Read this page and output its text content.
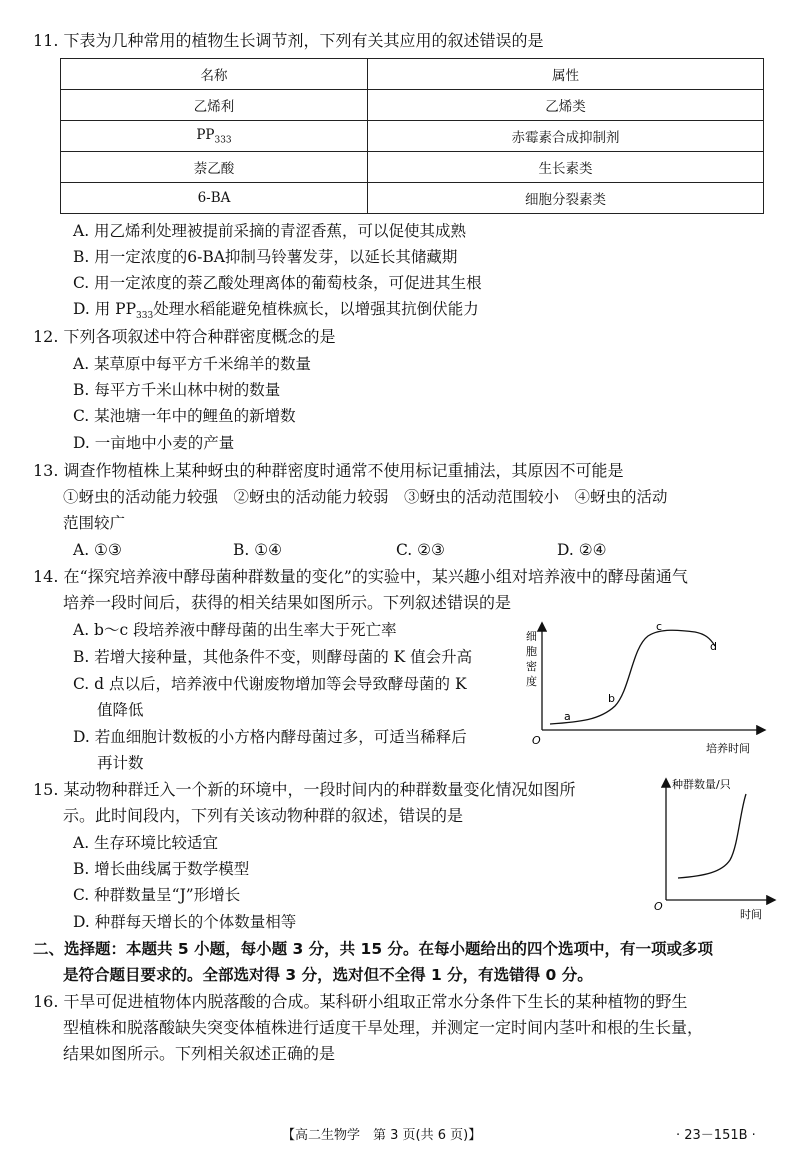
11. 下表为几种常用的植物生长调节剂，下列有关其应用的叙述错误的是
名称	属性
乙烯利	乙烯类
$PP_{333}$	赤霉素合成抑制剂
萘乙酸	生长素类
6-BA	细胞分裂素类
A. 用乙烯利处理被提前采摘的青涩香蕉，可以促使其成熟
B. 用一定浓度的6-BA抑制马铃薯发芽，以延长其储藏期
C. 用一定浓度的萘乙酸处理离体的葡萄枝条，可促进其生根
D. 用 $PP_{333}$处理水稻能避免植株疯长，以增强其抗倒伏能力
12. 下列各项叙述中符合种群密度概念的是
A. 某草原中每平方千米绵羊的数量
B. 每平方千米山林中树的数量
C. 某池塘一年中的鲤鱼的新增数
D. 一亩地中小麦的产量
13. 调查作物植株上某种蚜虫的种群密度时通常不使用标记重捕法，其原因不可能是
①蚜虫的活动能力较强　②蚜虫的活动能力较弱　③蚜虫的活动范围较小　④蚜虫的活动
范围较广
A. ①③	B. ①④	C. ②③	D. ②④
14. 在“探究培养液中酵母菌种群数量的变化”的实验中，某兴趣小组对培养液中的酵母菌通气
培养一段时间后，获得的相关结果如图所示。下列叙述错误的是
A. b～c 段培养液中酵母菌的出生率大于死亡率
B. 若增大接种量，其他条件不变，则酵母菌的 K 值会升高
C. d 点以后，培养液中代谢废物增加等会导致酵母菌的 K
值降低
D. 若血细胞计数板的小方格内酵母菌过多，可适当稀释后
再计数
细
胞
密
度
O
培养时间
a
b
c
d
15. 某动物种群迁入一个新的环境中，一段时间内的种群数量变化情况如图所
示。此时间段内，下列有关该动物种群的叙述，错误的是
A. 生存环境比较适宜
B. 增长曲线属于数学模型
C. 种群数量呈“J”形增长
D. 种群每天增长的个体数量相等
种群数量/只
O
时间
二、选择题：本题共 5 小题，每小题 3 分，共 15 分。在每小题给出的四个选项中，有一项或多项
是符合题目要求的。全部选对得 3 分，选对但不全得 1 分，有选错得 0 分。
16. 干旱可促进植物体内脱落酸的合成。某科研小组取正常水分条件下生长的某种植物的野生
型植株和脱落酸缺失突变体植株进行适度干旱处理，并测定一定时间内茎叶和根的生长量，
结果如图所示。下列相关叙述正确的是
【高二生物学　第 3 页(共 6 页)】	· 23－151B ·
